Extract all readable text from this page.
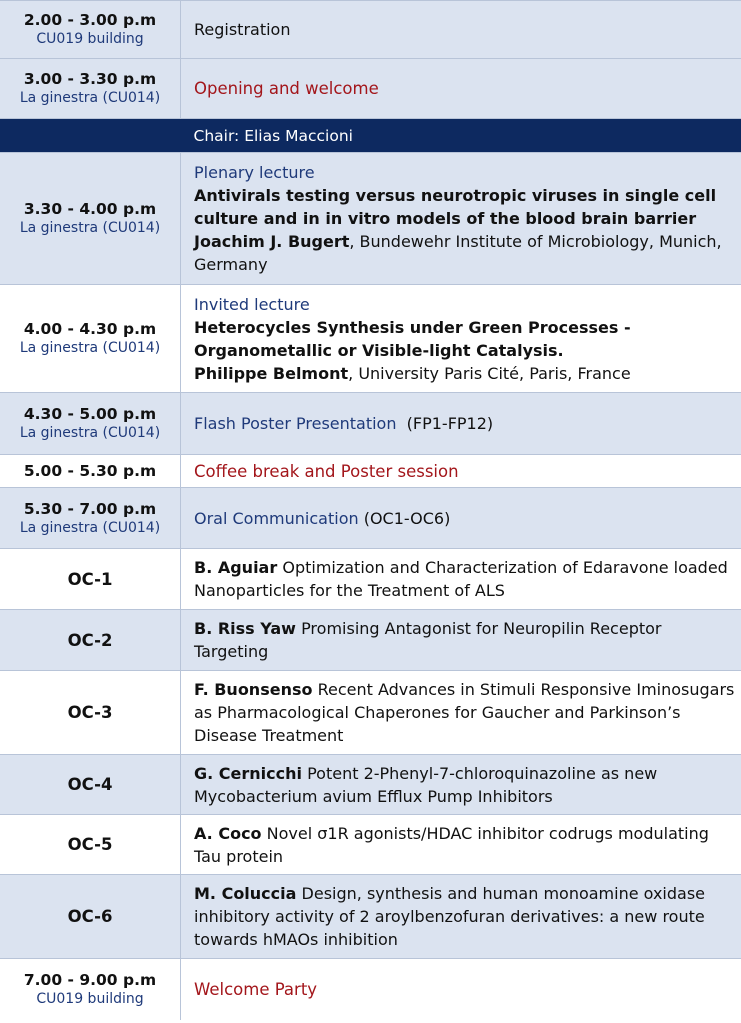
2.00 - 3.00 p.m
CU019 building	Registration

3.00 - 3.30 p.m
La ginestra (CU014)	Opening and welcome
	Chair: Elias Maccioni

3.30 - 4.00 p.m
La ginestra (CU014)	Plenary lecture
Antivirals testing versus neurotropic viruses in single cell culture and in in vitro models of the blood brain barrier
Joachim J. Bugert, Bundewehr Institute of Microbiology, Munich, Germany

4.00 - 4.30 p.m
La ginestra (CU014)	Invited lecture
Heterocycles Synthesis under Green Processes - Organometallic or Visible-light Catalysis.
Philippe Belmont, University Paris Cité, Paris, France

4.30 - 5.00 p.m
La ginestra (CU014)	Flash Poster Presentation (FP1-FP12)

5.00 - 5.30 p.m	Coffee break and Poster session

5.30 - 7.00 p.m
La ginestra (CU014)	Oral Communication (OC1-OC6)
OC-1	B. Aguiar Optimization and Characterization of Edaravone loaded Nanoparticles for the Treatment of ALS

OC-2	B. Riss Yaw Promising Antagonist for Neuropilin Receptor Targeting

OC-3	F. Buonsenso Recent Advances in Stimuli Responsive Iminosugars as Pharmacological Chaperones for Gaucher and Parkinson’s Disease Treatment

OC-4	G. Cernicchi Potent 2-Phenyl-7-chloroquinazoline as new Mycobacterium avium Efflux Pump Inhibitors

OC-5	A. Coco Novel σ1R agonists/HDAC inhibitor codrugs modulating Tau protein

OC-6	M. Coluccia Design, synthesis and human monoamine oxidase inhibitory activity of 2 aroylbenzofuran derivatives: a new route towards hMAOs inhibition

7.00 - 9.00 p.m
CU019 building	Welcome Party
